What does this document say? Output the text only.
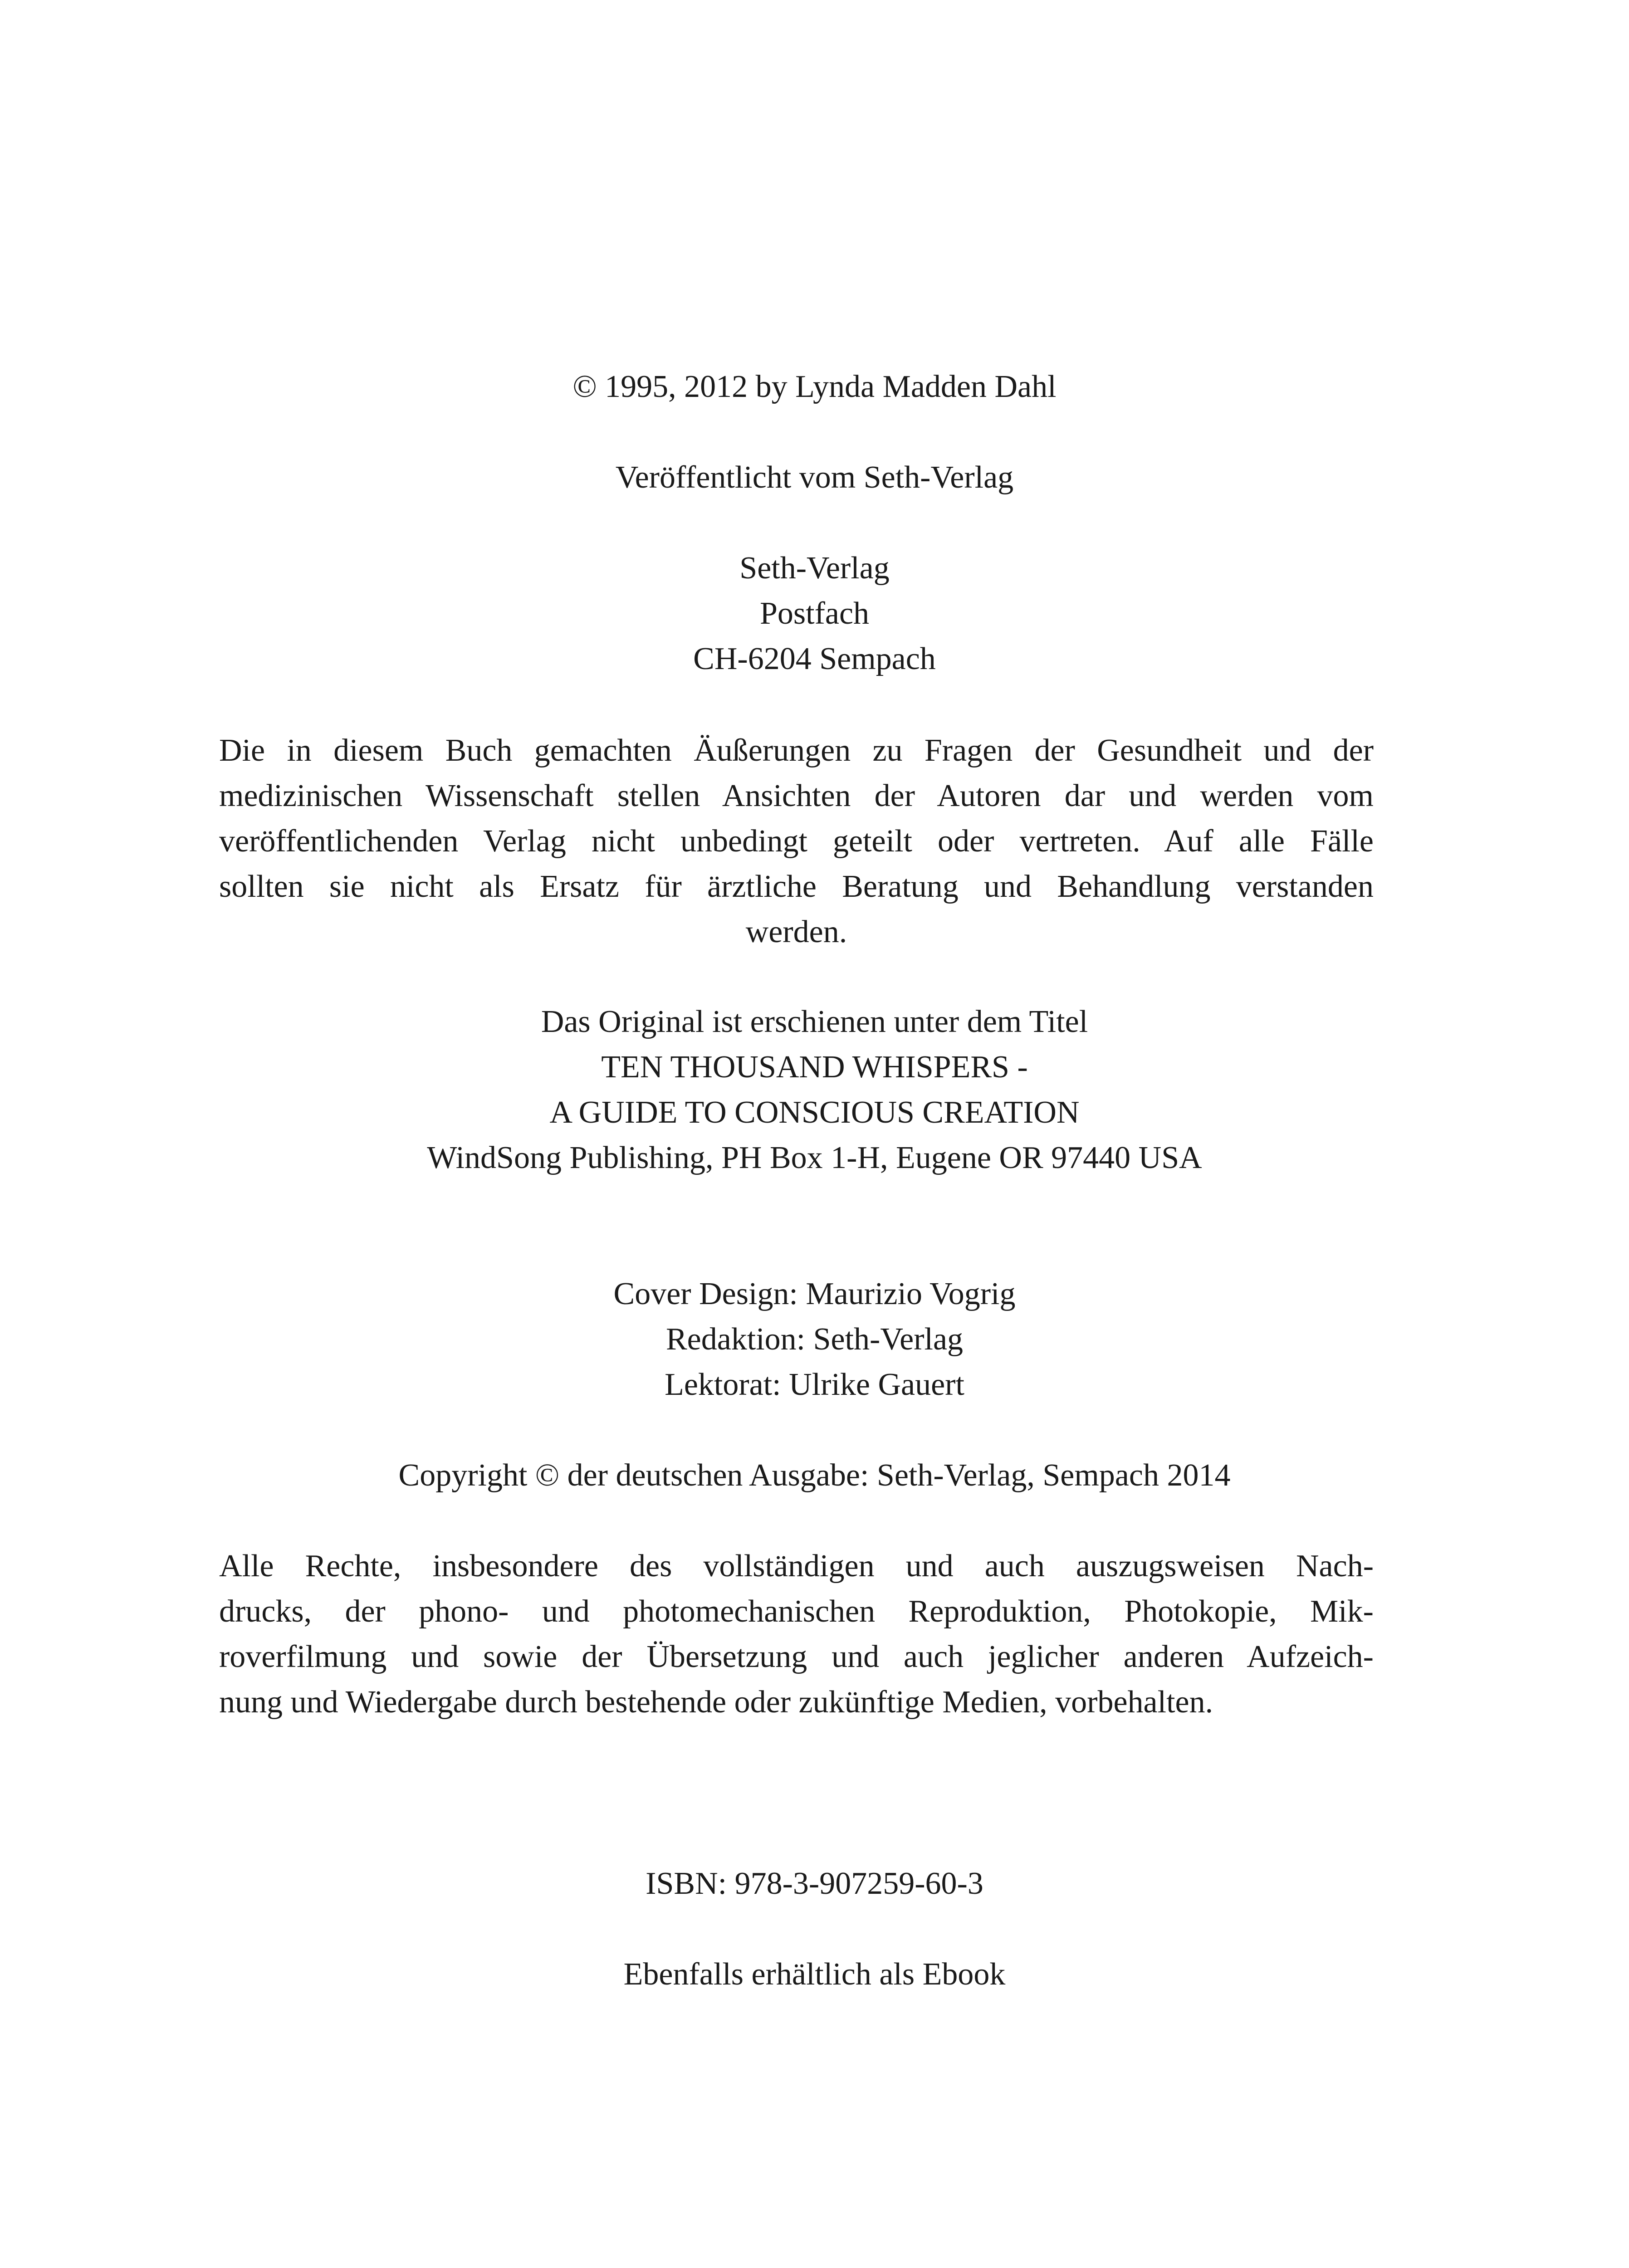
© 1995, 2012 by Lynda Madden Dahl
Veröffentlicht vom Seth-Verlag
Seth-Verlag
Postfach
CH-6204 Sempach
Die in diesem Buch gemachten Äußerungen zu Fragen der Gesundheit und der
medizinischen Wissenschaft stellen Ansichten der Autoren dar und werden vom
veröffentlichenden Verlag nicht unbedingt geteilt oder vertreten. Auf alle Fälle
sollten sie nicht als Ersatz für ärztliche Beratung und Behandlung verstanden
werden.
Das Original ist erschienen unter dem Titel
TEN THOUSAND WHISPERS -
A GUIDE TO CONSCIOUS CREATION
WindSong Publishing, PH Box 1-H, Eugene OR 97440 USA
Cover Design: Maurizio Vogrig
Redaktion: Seth-Verlag
Lektorat: Ulrike Gauert
Copyright © der deutschen Ausgabe: Seth-Verlag, Sempach 2014
Alle Rechte, insbesondere des vollständigen und auch auszugsweisen Nach-
drucks, der phono- und photomechanischen Reproduktion, Photokopie, Mik-
roverfilmung und sowie der Übersetzung und auch jeglicher anderen Aufzeich-
nung und Wiedergabe durch bestehende oder zukünftige Medien, vorbehalten.
ISBN: 978-3-907259-60-3
Ebenfalls erhältlich als Ebook
